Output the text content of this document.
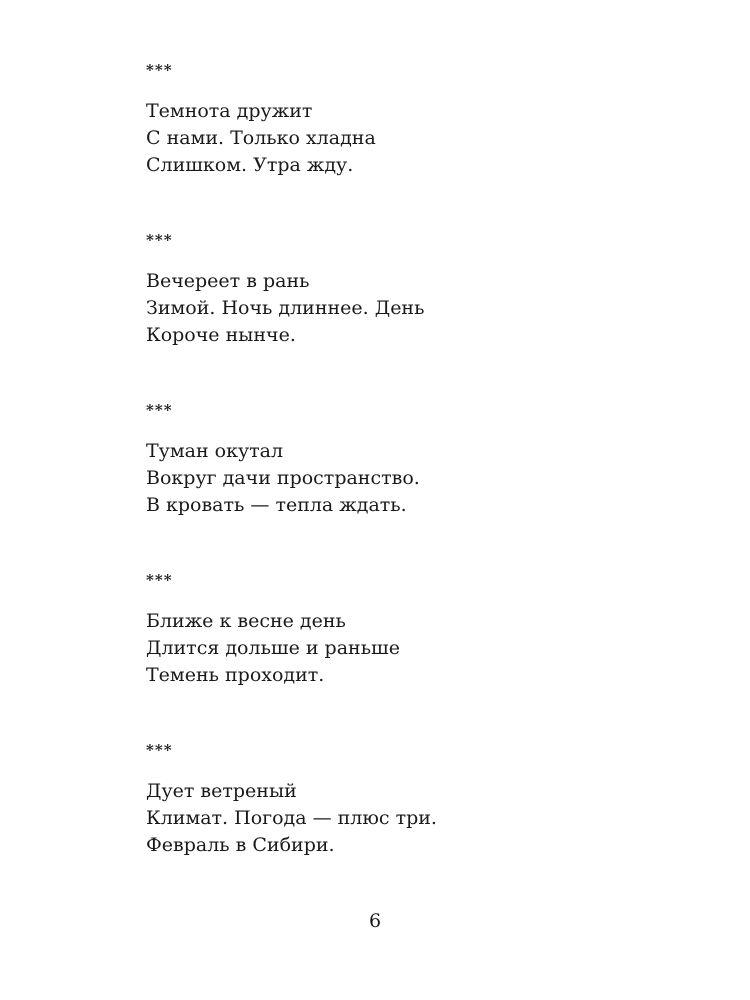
***
Темнота дружит
С нами. Только хладна
Слишком. Утра жду.
***
Вечереет в рань
Зимой. Ночь длиннее. День
Короче нынче.
***
Туман окутал
Вокруг дачи пространство.
В кровать — тепла ждать.
***
Ближе к весне день
Длится дольше и раньше
Темень проходит.
***
Дует ветреный
Климат. Погода — плюс три.
Февраль в Сибири.
6
